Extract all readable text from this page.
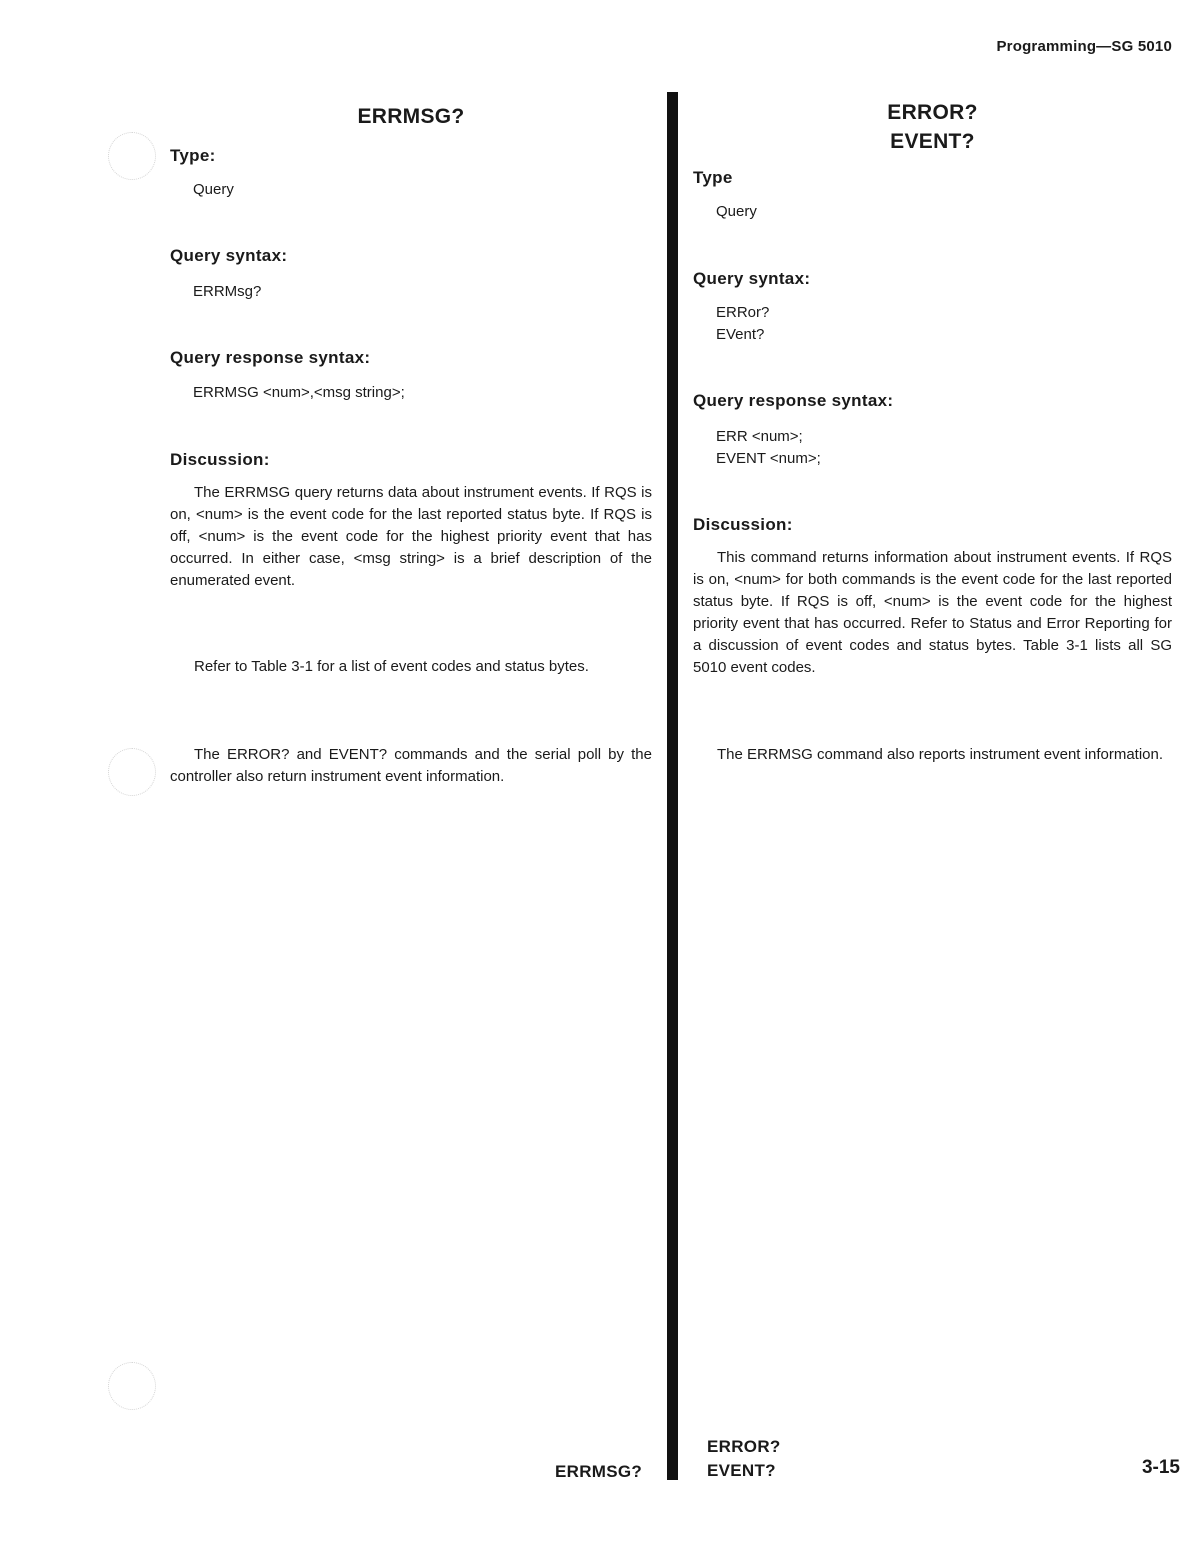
Programming—SG 5010
ERRMSG?
Type:
Query
Query syntax:
ERRMsg?
Query response syntax:
ERRMSG <num>,<msg string>;
Discussion:

The ERRMSG query returns data about instrument events. If RQS is on, <num> is the event code for the last reported status byte. If RQS is off, <num> is the event code for the highest priority event that has occurred. In either case, <msg string> is a brief description of the enumerated event.

Refer to Table 3-1 for a list of event codes and status bytes.

The ERROR? and EVENT? commands and the serial poll by the controller also return instrument event information.

ERRMSG?
ERROR?
EVENT?
Type
Query
Query syntax:
ERRor?
EVent?
Query response syntax:
ERR <num>;
EVENT <num>;
Discussion:

This command returns information about instrument events. If RQS is on, <num> for both commands is the event code for the last reported status byte. If RQS is off, <num> is the event code for the highest priority event that has occurred. Refer to Status and Error Reporting for a discussion of event codes and status bytes. Table 3-1 lists all SG 5010 event codes.

The ERRMSG command also reports instrument event information.

ERROR?
EVENT?	3-15
